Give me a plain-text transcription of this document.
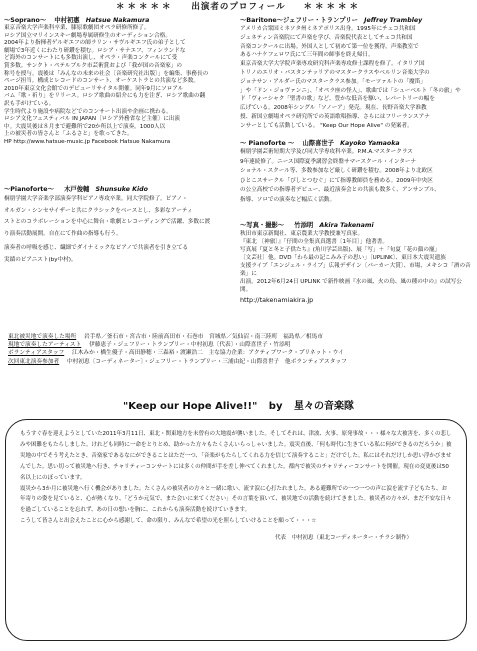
＊＊＊＊＊ 出演者のプロフィール ＊＊＊＊＊
～Soprano～ 中村初惠 Hatsue Nakamura

東京音楽大学声楽科卒業、膝原歌劇団オペラ研修所修了。

ロシア国立マリインスキー劇場専属研修生のオーディション合格。

2004年より指揮者ゲルギエフの師ラリン・サヴルギエフ氏の弟子として

劇場で3年近くにわたり研鑽を積む。ロシア・サナエフ、フィンランドな

ど海外のコンサートにも多数出演し、オペラ・声楽コンクールにて受

賞多数。サンクト・ペテルブルク市芸術賞および「我が国の音楽家」の

称号を授与。震後は「みんなの未来の社会〔音楽研究社出版〕」を編集、事務長の

ページ担当。構成とレコードのコンサート、オーケストラとの共演など多数。

2010年東京文化会館でのデビューリサイタル開催。同年9月にソロアル

バム「歌・祈り」をリリース。ロシア歌曲の紹介にも力を注ぎ、ロシア歌曲の翻

訳も手がけている。

学生時代より施設や病院などでのコンサート出演や企画に携わる。

ロシア文化フェスティバル IN JAPAN〔ロシア外務省など主催〕に出演

中。大震災後は８月まで避難所で20か所以上で演奏。1000人以

上の被災者の皆さんと「ふるさと」を歌ってきた。

HP http://www.hatsue-music.jp Facebook Hatsue Nakamura

～Pianoforte～ 木戸俊輔 Shunsuke Kido

桐朋学園大学音楽学部演奏学科ピアノ専攻卒業。同大学院修了。ピアノ・

オルガン・シンセサイザーと共にクラシックをベースとし、多彩なアーティ

ストとのコラボレーションを中心に舞台・歌劇とレコーディングで活躍、多数に渡

り演奏活動展開。自在にて作曲の指導も行う。

演奏者の呼吸を感じ、繊細でダイナミックなピアノで共演者を引き立てる

実績のピアニスト(by中村)。

～Baritone～ジェフリー・トランプリー Jeffrey Trambley

アメリカ合衆国ミネソタ州ミネアポリス出身。1995年にチェコ共和国

ジェネティン音楽院にて声楽を学び、音楽院代表としてチェコ共和国

音楽コンクールに出場。外国人として初めて第一位を獲得。声楽教室で

あるハナケフェロワ氏にて三年間の師事を終え帰日。

東京音楽大学大学院声楽専攻研究科声楽専攻修士課程を修了。イタリア国

トリノのエリオ・バスタンテッリアのマスタークラスやベルリン音楽大学の

ジョナサン・アルダー氏のマスタークラス参加。「モーツァルトの「魔笛」

」や「ドン・ジョヴァンニ」、「オペラ座の怪人」、歌曲では「シューベルト「冬の旅」や

ド「ヴォーシャク「聖書の歌」など、豊かな低音を駆い、レパートリーの幅を

広げている。2008年シングル「ソノーア」発売。現在、長野音楽大学准教

授、新国立劇場オペラ研究所での英語歌唱指導、さらにはフリーランスアナ

ンサーとしても活動している。 "Keep Our Hope Alive" の発案者。

～ Pianoforte ～ 山際喜世子 Kayoko Yamaoka

桐朋学園芸術短期大学及び同大学専攻科卒業。P.M.A.マスタークラス

9年連続修了。ニース国際夏季講習会終盤サマースクール・インターナ

ショナル・スクール等、多数参加など厳しく研鑽を積む。2008年より北欧区

ひとこスサークル「ぴしとつむぐ」にて指導教師員を務める。2009年中央区

の公立高校での指導者デビュー、最近演奏会との共演も数多く、アンサンブル、

指導、ソロでの演奏など幅広く活動。

～写真・撮影～ 竹添明 Akira Takenami

秋田市東京新聞社、東京農業大学教授兼写真家。

『東北 〔神旅〕』「仔間の全集真真選書〔1年目〕」他著書。

写真展『夏と冬と子供たち』(角川学芸出版)、展「写」＋「旬夏「花の顔の寵」

〔文芸社〕他。DVD「わら最の記こみみ子の思い」〔UPLINK〕、東日本大震災遺族

支援ライブ「エンジェル・ライブ」広報デザイン〔パーカー大賞〕、市場、メキシコ「酒の音楽」に

出演。2012年6月24日 UPLINK で新作映画『水の風、火の鳥、風の種の中の』の試写公開。

http://takenamiakira.jp

東北被災地で演奏した場所 岩手県／釜石市・宮古市・陸前高田市・石巻市　宮城県／気仙沼・南三陸町　福島県／相馬市
現地で演奏したアーティスト 伊藤恵子・ジェフリー・トランプリー・中村初恵〔代表〕・山際喜世子・竹添明
ボランティアスタッフ 江木みか・橋生優子・高田静穂・三森裕・渡瀬浩二　主な協力企業：アクティブワーク・プリネット・ウイ
次回東北演奏参加者 中村初恵〔コーディネーター〕・ジェフリー・トランプリー・三浦由紀・山際喜世子　他ボランティアスタッフ
"Keep our Hope Alive!!" by 星々の音楽隊

もうすぐ春を迎えようとしていた2011年3月11日、東北・関東地方を未曾有の大地震が襲いました。そしてそれは、津波、火事、原発事故・・・様々な大被害を、多くの悲しみや困難をもたらしました。けれども同時に一命をとりとめ、助かった方々もたくさんいらっしゃいました。震災直後、「何も時代に生きている私に何ができるのだろうか」被災地の中でそう考えたとき、音楽家であるなにができることはただ一つ、「音楽がもたらしてくれる力を信じて演奏すること」だけでした。私にはそれだけしか思い浮かびませんでした。思い切って被災地へ行き、チャリティーコンサートには多くの仲間が手を差し伸べてくれました。都内で被災のチャリティーコンサートを開催。現在の変更後は50名以上にのぼっています。

震災から3か月に被災地へ行く機会がありました。たくさんの被災者の方々と一緒に歌い、流す涙に心打たれました。ある避難所での一つ一つの声に涙を流す子どもたち、お年寄りの姿を見ていると、心が熱くなり、「どうか元気で、また会いに来てください」その言葉を頂いて、被災地での活動を続けてきました。被災者の方々が、まだ不安な日々を過ごしていることを忘れず、あの日の想いを胸に、これからも演奏活動を続けていきます。

こうして皆さんと出会えたことに心から感謝して、命の限り、みんなで希望の光を照らしていけることを願って・・・☆

代表　中村初恵（東北コーディネーター・チラシ制作）
